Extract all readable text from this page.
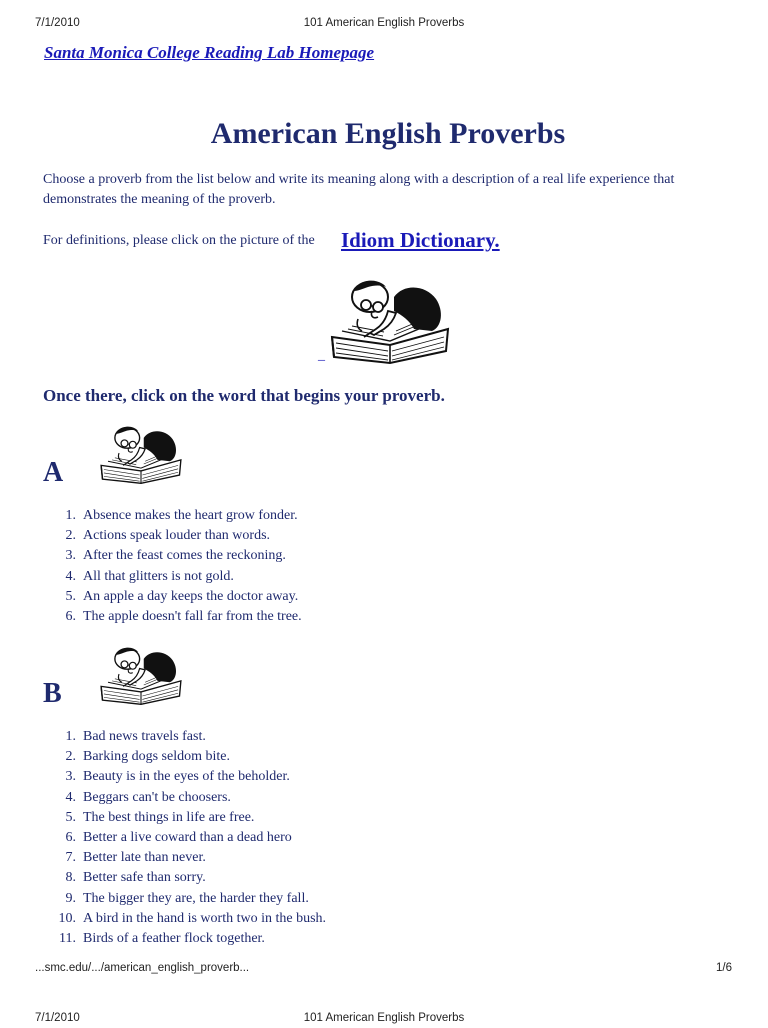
7/1/2010	101 American English Proverbs
Santa Monica College Reading Lab Homepage
American English Proverbs

Choose a proverb from the list below and write its meaning along with a description of a real life experience that demonstrates the meaning of the proverb.

For definitions, please click on the picture of the Idiom Dictionary.
_
Once there, click on the word that begins your proverb.
A
1. Absence makes the heart grow fonder.
2. Actions speak louder than words.
3. After the feast comes the reckoning.
4. All that glitters is not gold.
5. An apple a day keeps the doctor away.
6. The apple doesn't fall far from the tree.
B
1. Bad news travels fast.
2. Barking dogs seldom bite.
3. Beauty is in the eyes of the beholder.
4. Beggars can't be choosers.
5. The best things in life are free.
6. Better a live coward than a dead hero
7. Better late than never.
8. Better safe than sorry.
9. The bigger they are, the harder they fall.
10. A bird in the hand is worth two in the bush.
11. Birds of a feather flock together.
...smc.edu/.../american_english_proverb...	1/6
7/1/2010	101 American English Proverbs
